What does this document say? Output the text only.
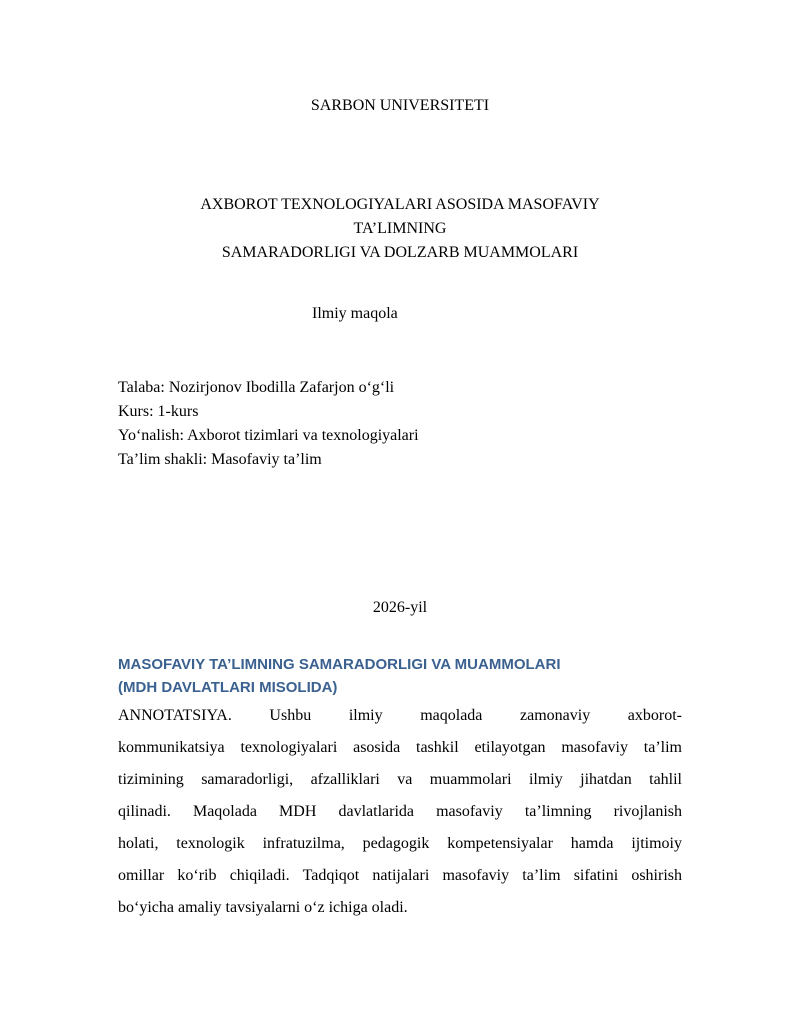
SARBON UNIVERSITETI
AXBOROT TEXNOLOGIYALARI ASOSIDA MASOFAVIY
TA’LIMNING
SAMARADORLIGI VA DOLZARB MUAMMOLARI
Ilmiy maqola
Talaba: Nozirjonov Ibodilla Zafarjon o‘g‘li
Kurs: 1-kurs
Yo‘nalish: Axborot tizimlari va texnologiyalari
Ta’lim shakli: Masofaviy ta’lim
2026-yil
MASOFAVIY TA’LIMNING SAMARADORLIGI VA MUAMMOLARI
(MDH DAVLATLARI MISOLIDA)
ANNOTATSIYA. Ushbu ilmiy maqolada zamonaviy axborot-
kommunikatsiya texnologiyalari asosida tashkil etilayotgan masofaviy ta’lim
tizimining samaradorligi, afzalliklari va muammolari ilmiy jihatdan tahlil
qilinadi. Maqolada MDH davlatlarida masofaviy ta’limning rivojlanish
holati, texnologik infratuzilma, pedagogik kompetensiyalar hamda ijtimoiy
omillar ko‘rib chiqiladi. Tadqiqot natijalari masofaviy ta’lim sifatini oshirish
bo‘yicha amaliy tavsiyalarni o‘z ichiga oladi.
